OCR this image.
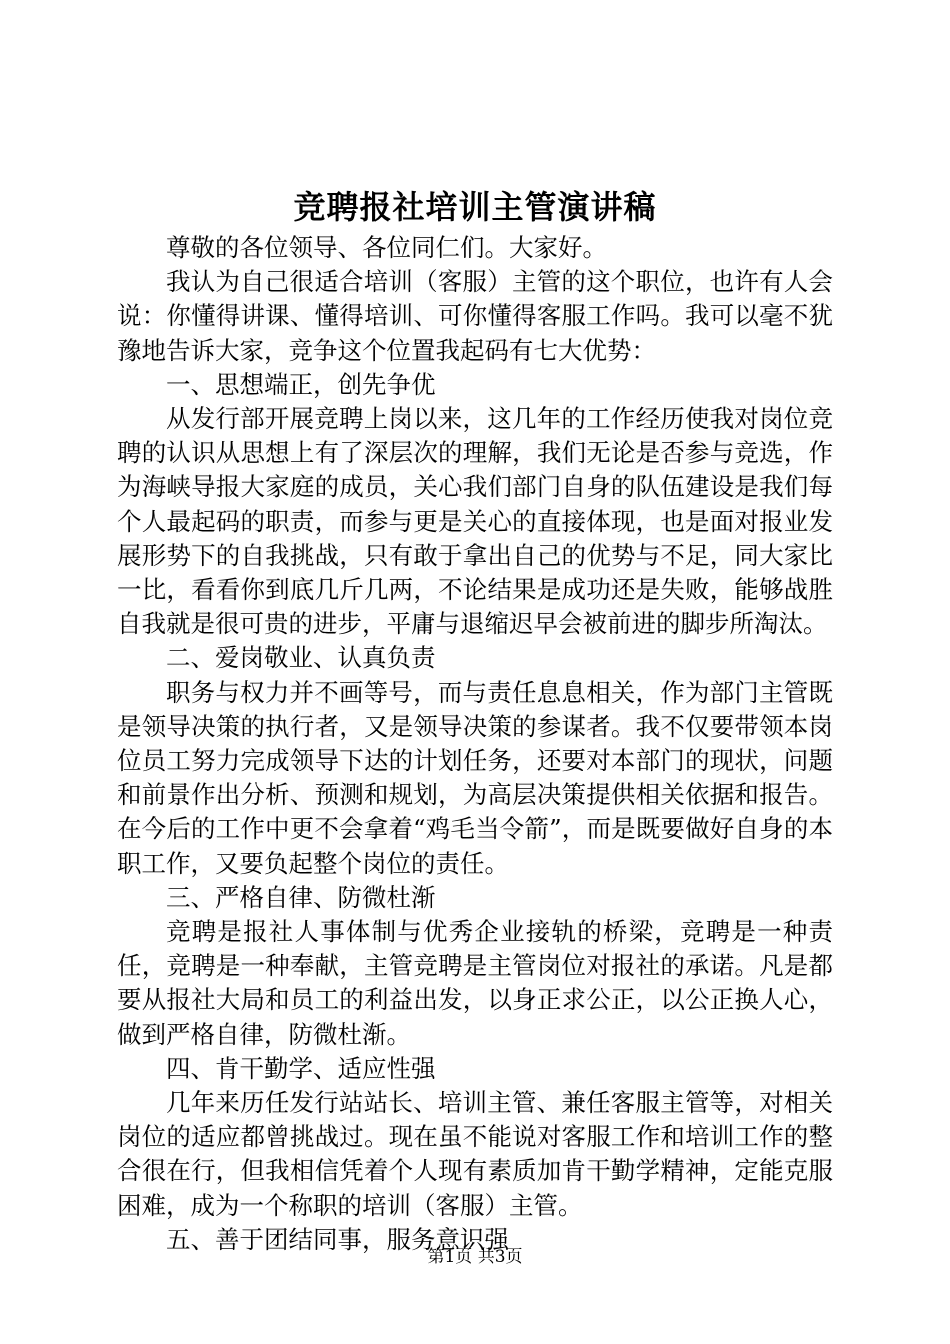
竞聘报社培训主管演讲稿

尊敬的各位领导、各位同仁们。大家好。

我认为自己很适合培训（客服）主管的这个职位，也许有人会说：你懂得讲课、懂得培训、可你懂得客服工作吗。我可以毫不犹豫地告诉大家，竞争这个位置我起码有七大优势：

一、思想端正，创先争优

从发行部开展竞聘上岗以来，这几年的工作经历使我对岗位竞聘的认识从思想上有了深层次的理解，我们无论是否参与竞选，作为海峡导报大家庭的成员，关心我们部门自身的队伍建设是我们每个人最起码的职责，而参与更是关心的直接体现，也是面对报业发展形势下的自我挑战，只有敢于拿出自己的优势与不足，同大家比一比，看看你到底几斤几两，不论结果是成功还是失败，能够战胜自我就是很可贵的进步，平庸与退缩迟早会被前进的脚步所淘汰。

二、爱岗敬业、认真负责

职务与权力并不画等号，而与责任息息相关，作为部门主管既是领导决策的执行者，又是领导决策的参谋者。我不仅要带领本岗位员工努力完成领导下达的计划任务，还要对本部门的现状，问题和前景作出分析、预测和规划，为高层决策提供相关依据和报告。在今后的工作中更不会拿着“鸡毛当令箭”，而是既要做好自身的本职工作，又要负起整个岗位的责任。

三、严格自律、防微杜渐

竞聘是报社人事体制与优秀企业接轨的桥梁，竞聘是一种责任，竞聘是一种奉献，主管竞聘是主管岗位对报社的承诺。凡是都要从报社大局和员工的利益出发，以身正求公正，以公正换人心，做到严格自律，防微杜渐。

四、肯干勤学、适应性强

几年来历任发行站站长、培训主管、兼任客服主管等，对相关岗位的适应都曾挑战过。现在虽不能说对客服工作和培训工作的整合很在行，但我相信凭着个人现有素质加肯干勤学精神，定能克服困难，成为一个称职的培训（客服）主管。

五、善于团结同事，服务意识强

第1页 共3页
